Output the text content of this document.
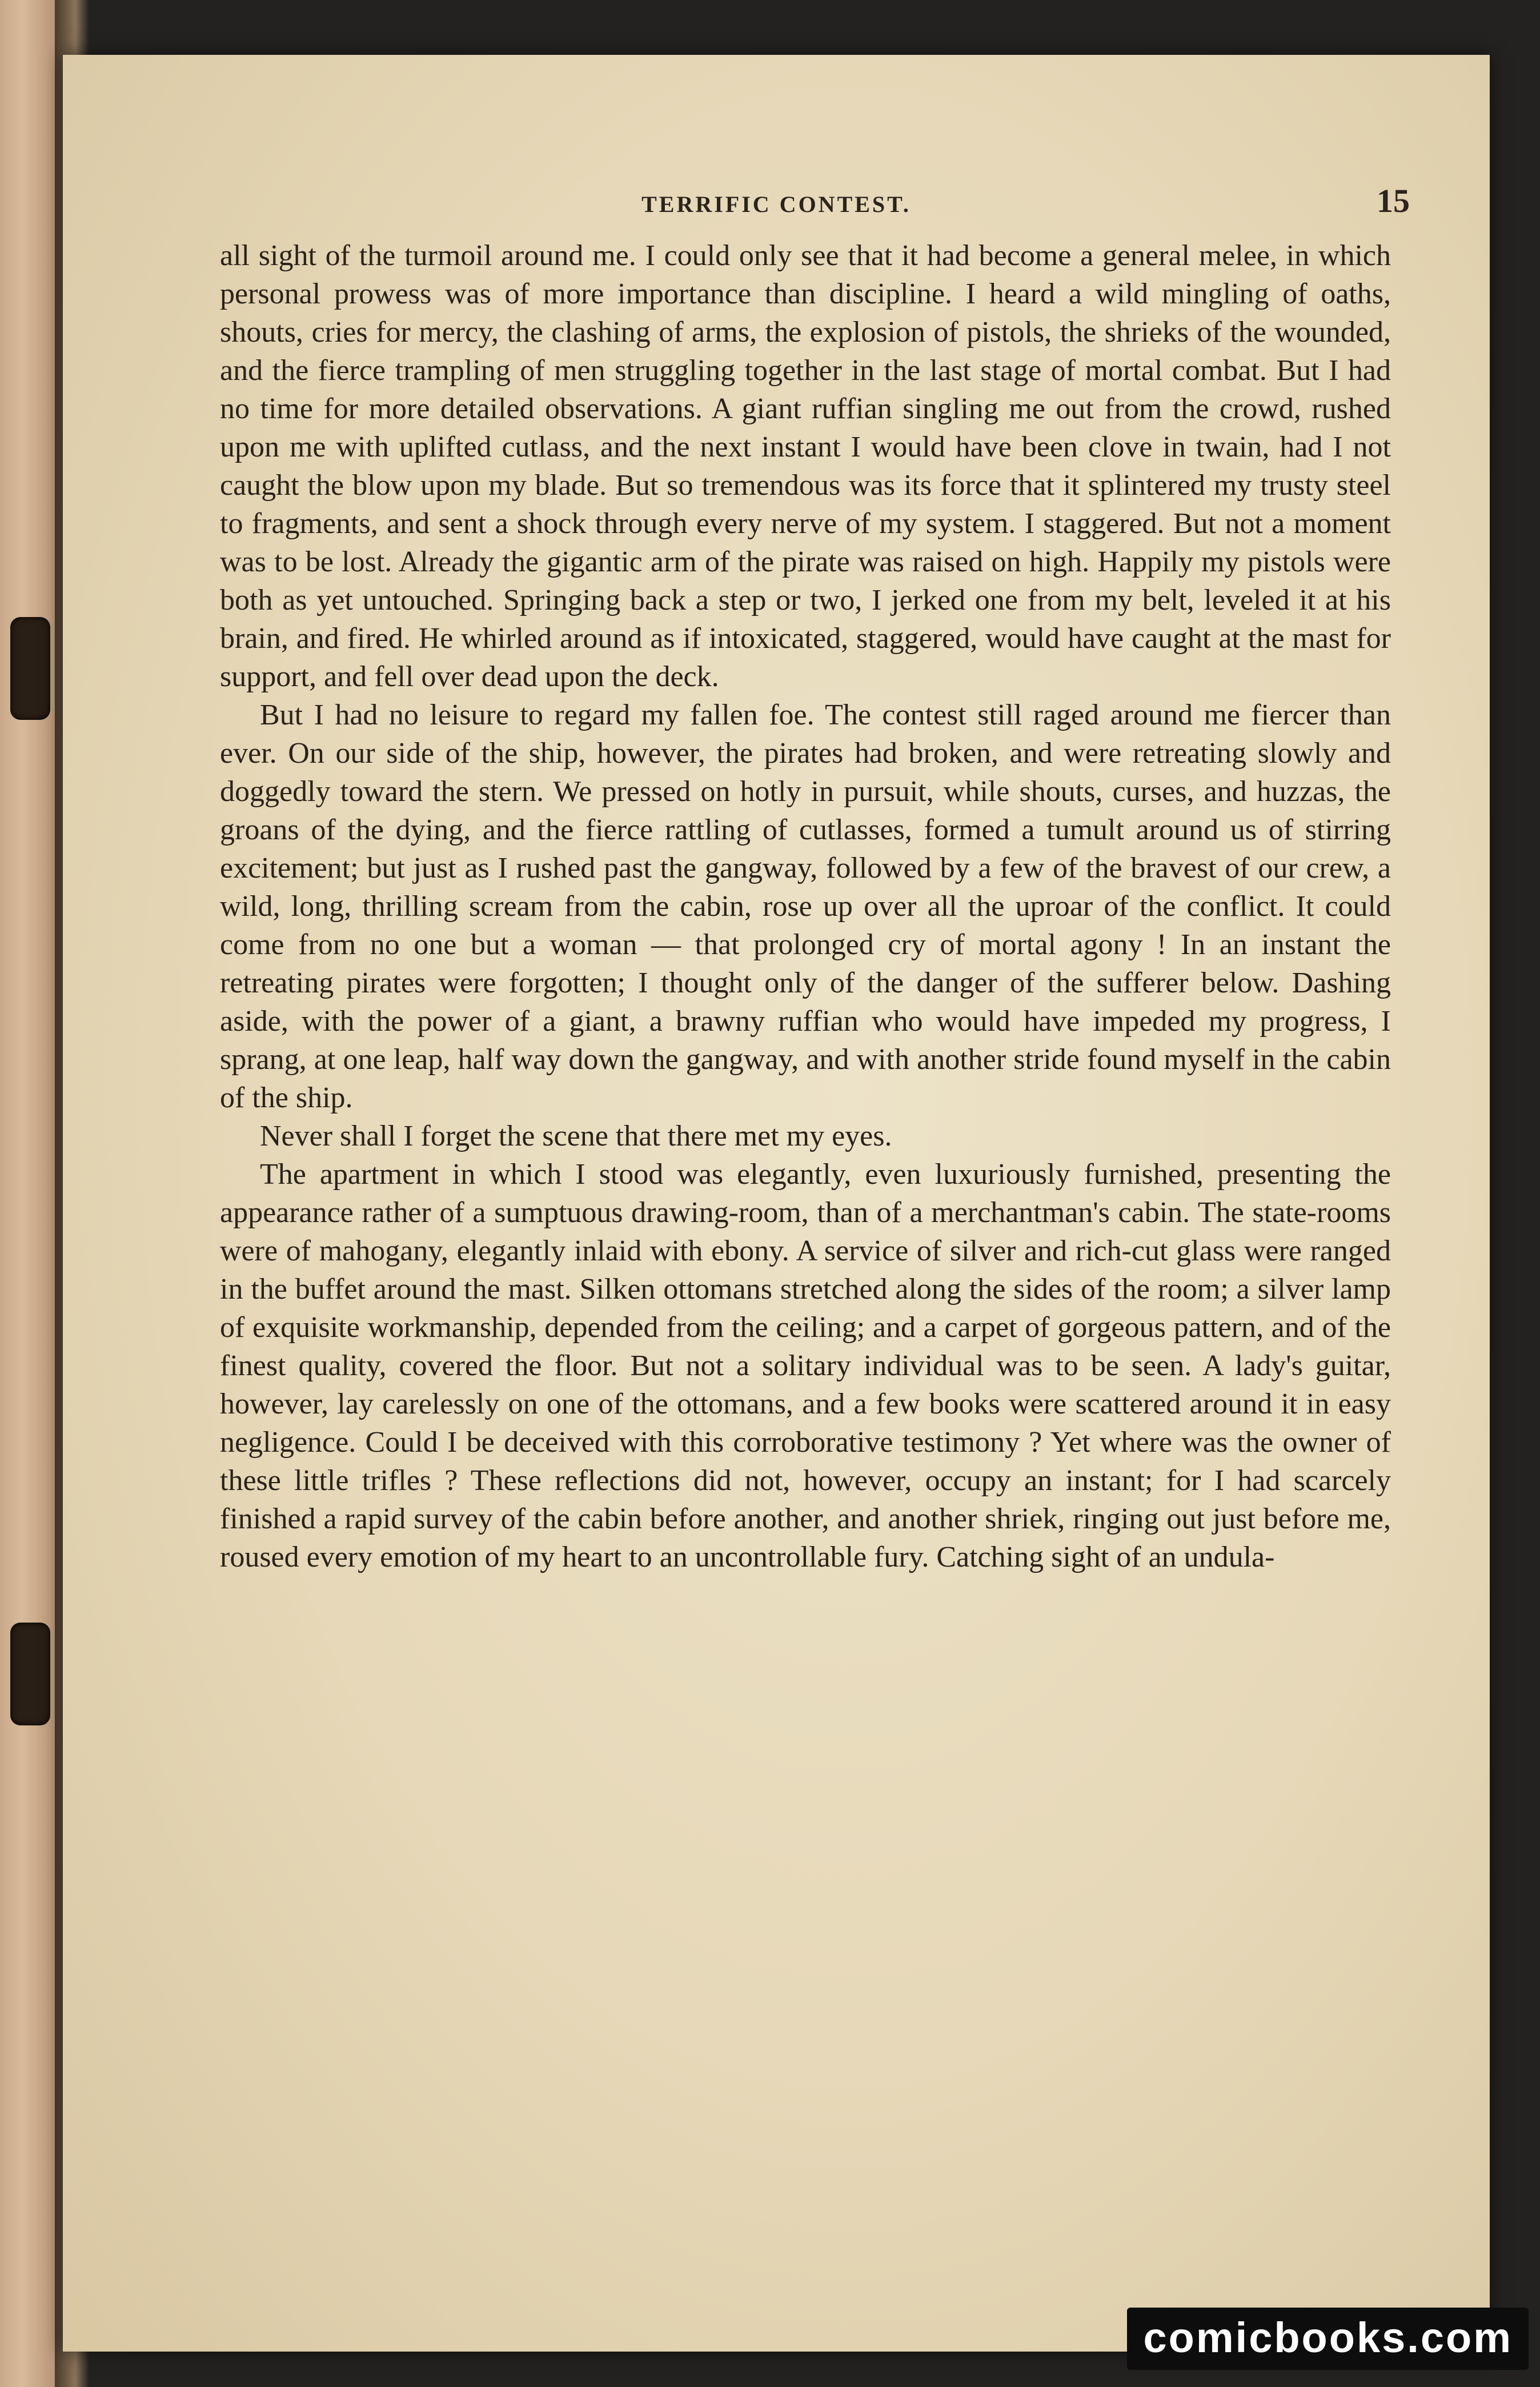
TERRIFIC CONTEST.	15

all sight of the turmoil around me. I could only see that it had become a general melee, in which personal prowess was of more importance than discipline. I heard a wild mingling of oaths, shouts, cries for mercy, the clashing of arms, the explosion of pistols, the shrieks of the wounded, and the fierce trampling of men struggling together in the last stage of mortal combat. But I had no time for more detailed observations. A giant ruffian singling me out from the crowd, rushed upon me with uplifted cutlass, and the next instant I would have been clove in twain, had I not caught the blow upon my blade. But so tremendous was its force that it splintered my trusty steel to fragments, and sent a shock through every nerve of my system. I staggered. But not a moment was to be lost. Already the gigantic arm of the pirate was raised on high. Happily my pistols were both as yet untouched. Springing back a step or two, I jerked one from my belt, leveled it at his brain, and fired. He whirled around as if intoxicated, staggered, would have caught at the mast for support, and fell over dead upon the deck.

But I had no leisure to regard my fallen foe. The contest still raged around me fiercer than ever. On our side of the ship, however, the pirates had broken, and were retreating slowly and doggedly toward the stern. We pressed on hotly in pursuit, while shouts, curses, and huzzas, the groans of the dying, and the fierce rattling of cutlasses, formed a tumult around us of stirring excitement; but just as I rushed past the gangway, followed by a few of the bravest of our crew, a wild, long, thrilling scream from the cabin, rose up over all the uproar of the conflict. It could come from no one but a woman — that prolonged cry of mortal agony ! In an instant the retreating pirates were forgotten; I thought only of the danger of the sufferer below. Dashing aside, with the power of a giant, a brawny ruffian who would have impeded my progress, I sprang, at one leap, half way down the gangway, and with another stride found myself in the cabin of the ship.

Never shall I forget the scene that there met my eyes.

The apartment in which I stood was elegantly, even luxuriously furnished, presenting the appearance rather of a sumptuous drawing-room, than of a merchantman's cabin. The state-rooms were of mahogany, elegantly inlaid with ebony. A service of silver and rich-cut glass were ranged in the buffet around the mast. Silken ottomans stretched along the sides of the room; a silver lamp of exquisite workmanship, depended from the ceiling; and a carpet of gorgeous pattern, and of the finest quality, covered the floor. But not a solitary individual was to be seen. A lady's guitar, however, lay carelessly on one of the ottomans, and a few books were scattered around it in easy negligence. Could I be deceived with this corroborative testimony ? Yet where was the owner of these little trifles ? These reflections did not, however, occupy an instant; for I had scarcely finished a rapid survey of the cabin before another, and another shriek, ringing out just before me, roused every emotion of my heart to an uncontrollable fury. Catching sight of an undula-

comicbooks.com
